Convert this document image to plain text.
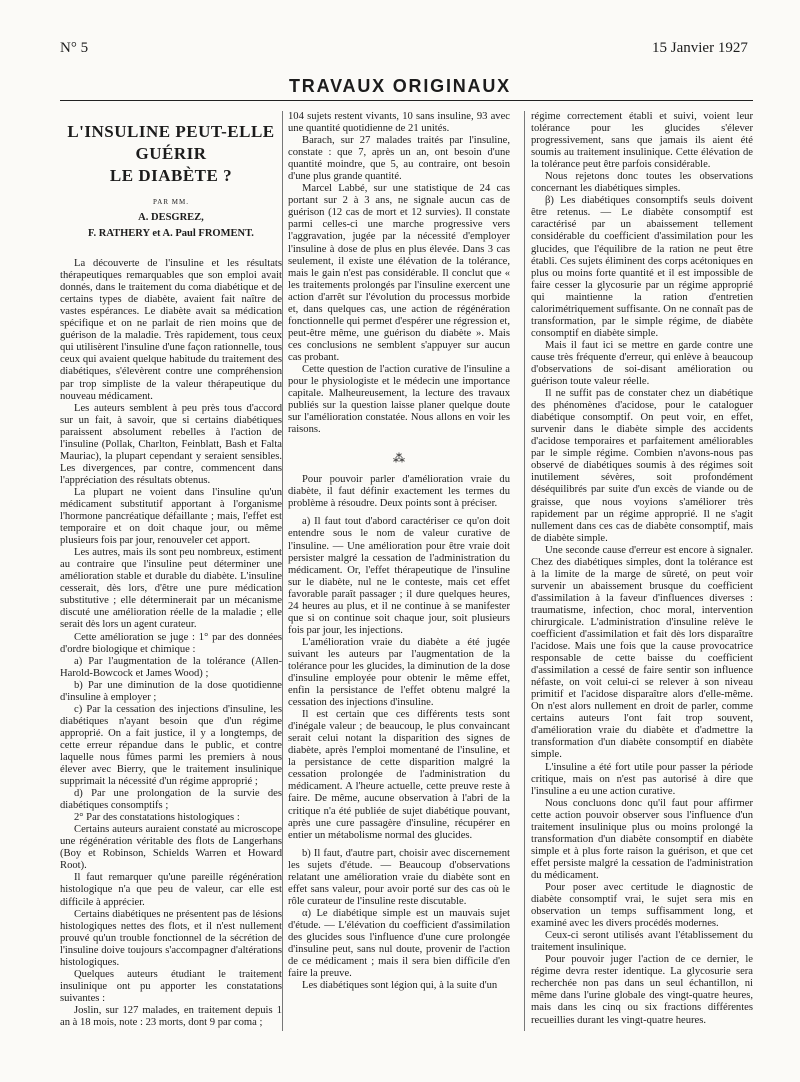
N° 5	15 Janvier 1927
TRAVAUX ORIGINAUX
L'INSULINE PEUT-ELLE GUÉRIR
LE DIABÈTE ?
PAR MM.
A. DESGREZ,
F. RATHERY et A. Paul FROMENT.

La découverte de l'insuline et les résultats thérapeutiques remarquables que son emploi avait donnés, dans le traitement du coma diabétique et de certains types de diabète, avaient fait naître de vastes espérances. Le diabète avait sa médication spécifique et on ne parlait de rien moins que de guérison de la maladie. Très rapidement, tous ceux qui utilisèrent l'insuline d'une façon rationnelle, tous ceux qui avaient quelque habitude du traitement des diabétiques, s'élevèrent contre une compréhension par trop simpliste de la valeur thérapeutique du nouveau médicament.

Les auteurs semblent à peu près tous d'accord sur un fait, à savoir, que si certains diabétiques paraissent absolument rebelles à l'action de l'insuline (Pollak, Charlton, Feinblatt, Bash et Falta Mauriac), la plupart cependant y seraient sensibles. Les divergences, par contre, commencent dans l'appréciation des résultats obtenus.

La plupart ne voient dans l'insuline qu'un médicament substitutif apportant à l'organisme l'hormone pancréatique défaillante ; mais, l'effet est temporaire et on doit chaque jour, ou même plusieurs fois par jour, renouveler cet apport.

Les autres, mais ils sont peu nombreux, estiment au contraire que l'insuline peut déterminer une amélioration stable et durable du diabète. L'insuline cesserait, dès lors, d'être une pure médication substitutive ; elle déterminerait par un mécanisme discuté une amélioration réelle de la maladie ; elle serait dès lors un agent curateur.

Cette amélioration se juge : 1° par des données d'ordre biologique et chimique :

a) Par l'augmentation de la tolérance (Allen-Harold-Bowcock et James Wood) ;

b) Par une diminution de la dose quotidienne d'insuline à employer ;

c) Par la cessation des injections d'insuline, les diabétiques n'ayant besoin que d'un régime approprié. On a fait justice, il y a longtemps, de cette erreur répandue dans le public, et contre laquelle nous fûmes parmi les premiers à nous élever avec Bierry, que le traitement insulinique supprimait la nécessité d'un régime approprié ;

d) Par une prolongation de la survie des diabétiques consomptifs ;

2° Par des constatations histologiques :

Certains auteurs auraient constaté au microscope une régénération véritable des flots de Langerhans (Boy et Robinson, Schields Warren et Howard Root).

Il faut remarquer qu'une pareille régénération histologique n'a que peu de valeur, car elle est difficile à apprécier.

Certains diabétiques ne présentent pas de lésions histologiques nettes des flots, et il n'est nullement prouvé qu'un trouble fonctionnel de la sécrétion de l'insuline doive toujours s'accompagner d'altérations histologiques.

Quelques auteurs étudiant le traitement insulinique ont pu apporter les constatations suivantes :

Joslin, sur 127 malades, en traitement depuis 1 an à 18 mois, note : 23 morts, dont 9 par coma ;

104 sujets restent vivants, 10 sans insuline, 93 avec une quantité quotidienne de 21 unités.

Barach, sur 27 malades traités par l'insuline, constate : que 7, après un an, ont besoin d'une quantité moindre, que 5, au contraire, ont besoin d'une plus grande quantité.

Marcel Labbé, sur une statistique de 24 cas portant sur 2 à 3 ans, ne signale aucun cas de guérison (12 cas de mort et 12 survies). Il constate parmi celles-ci une marche progressive vers l'aggravation, jugée par la nécessité d'employer l'insuline à dose de plus en plus élevée. Dans 3 cas seulement, il existe une élévation de la tolérance, mais le gain n'est pas considérable. Il conclut que « les traitements prolongés par l'insuline exercent une action d'arrêt sur l'évolution du processus morbide et, dans quelques cas, une action de régénération fonctionnelle qui permet d'espérer une régression et, peut-être même, une guérison du diabète ». Mais ces conclusions ne semblent s'appuyer sur aucun cas probant.

Cette question de l'action curative de l'insuline a pour le physiologiste et le médecin une importance capitale. Malheureusement, la lecture des travaux publiés sur la question laisse planer quelque doute sur l'amélioration constatée. Nous allons en voir les raisons.

⁂

Pour pouvoir parler d'amélioration vraie du diabète, il faut définir exactement les termes du problème à résoudre. Deux points sont à préciser.

a) Il faut tout d'abord caractériser ce qu'on doit entendre sous le nom de valeur curative de l'insuline. — Une amélioration pour être vraie doit persister malgré la cessation de l'administration du médicament. Or, l'effet thérapeutique de l'insuline sur le diabète, nul ne le conteste, mais cet effet favorable paraît passager ; il dure quelques heures, 24 heures au plus, et il ne continue à se manifester que si on continue soit chaque jour, soit plusieurs fois par jour, les injections.

L'amélioration vraie du diabète a été jugée suivant les auteurs par l'augmentation de la tolérance pour les glucides, la diminution de la dose d'insuline employée pour obtenir le même effet, enfin la persistance de l'effet obtenu malgré la cessation des injections d'insuline.

Il est certain que ces différents tests sont d'inégale valeur ; de beaucoup, le plus convaincant serait celui notant la disparition des signes de diabète, après l'emploi momentané de l'insuline, et la persistance de cette disparition malgré la cessation prolongée de l'administration du médicament. A l'heure actuelle, cette preuve reste à faire. De même, aucune observation à l'abri de la critique n'a été publiée de sujet diabétique pouvant, après une cure passagère d'insuline, récupérer en entier un métabolisme normal des glucides.

b) Il faut, d'autre part, choisir avec discernement les sujets d'étude. — Beaucoup d'observations relatant une amélioration vraie du diabète sont en effet sans valeur, pour avoir porté sur des cas où le rôle curateur de l'insuline reste discutable.

α) Le diabétique simple est un mauvais sujet d'étude. — L'élévation du coefficient d'assimilation des glucides sous l'influence d'une cure prolongée d'insuline peut, sans nul doute, provenir de l'action de ce médicament ; mais il sera bien difficile d'en faire la preuve.

Les diabétiques sont légion qui, à la suite d'un

régime correctement établi et suivi, voient leur tolérance pour les glucides s'élever progressivement, sans que jamais ils aient été soumis au traitement insulinique. Cette élévation de la tolérance peut être parfois considérable.

Nous rejetons donc toutes les observations concernant les diabétiques simples.

β) Les diabétiques consomptifs seuls doivent être retenus. — Le diabète consomptif est caractérisé par un abaissement tellement considérable du coefficient d'assimilation pour les glucides, que l'équilibre de la ration ne peut être établi. Ces sujets éliminent des corps acétoniques en plus ou moins forte quantité et il est impossible de faire cesser la glycosurie par un régime approprié qui maintienne la ration d'entretien calorimétriquement suffisante. On ne connaît pas de transformation, par le simple régime, de diabète consomptif en diabète simple.

Mais il faut ici se mettre en garde contre une cause très fréquente d'erreur, qui enlève à beaucoup d'observations de soi-disant amélioration ou guérison toute valeur réelle.

Il ne suffit pas de constater chez un diabétique des phénomènes d'acidose, pour le cataloguer diabétique consomptif. On peut voir, en effet, survenir dans le diabète simple des accidents d'acidose temporaires et parfaitement améliorables par le simple régime. Combien n'avons-nous pas observé de diabétiques soumis à des régimes soit inutilement sévères, soit profondément déséquilibrés par suite d'un excès de viande ou de graisse, que nous voyions s'améliorer très rapidement par un régime approprié. Il ne s'agit nullement dans ces cas de diabète consomptif, mais de diabète simple.

Une seconde cause d'erreur est encore à signaler. Chez des diabétiques simples, dont la tolérance est à la limite de la marge de sûreté, on peut voir survenir un abaissement brusque du coefficient d'assimilation à la faveur d'influences diverses : traumatisme, infection, choc moral, intervention chirurgicale. L'administration d'insuline relève le coefficient d'assimilation et fait dès lors disparaître l'acidose. Mais une fois que la cause provocatrice responsable de cette baisse du coefficient d'assimilation a cessé de faire sentir son influence néfaste, on voit celui-ci se relever à son niveau primitif et l'acidose disparaître alors d'elle-même. On n'est alors nullement en droit de parler, comme certains auteurs l'ont fait trop souvent, d'amélioration vraie du diabète et d'admettre la transformation d'un diabète consomptif en diabète simple.

L'insuline a été fort utile pour passer la période critique, mais on n'est pas autorisé à dire que l'insuline a eu une action curative.

Nous concluons donc qu'il faut pour affirmer cette action pouvoir observer sous l'influence d'un traitement insulinique plus ou moins prolongé la transformation d'un diabète consomptif en diabète simple et à plus forte raison la guérison, et que cet effet persiste malgré la cessation de l'administration du médicament.

Pour poser avec certitude le diagnostic de diabète consomptif vrai, le sujet sera mis en observation un temps suffisamment long, et examiné avec les divers procédés modernes.

Ceux-ci seront utilisés avant l'établissement du traitement insulinique.

Pour pouvoir juger l'action de ce dernier, le régime devra rester identique. La glycosurie sera recherchée non pas dans un seul échantillon, ni même dans l'urine globale des vingt-quatre heures, mais dans les cinq ou six fractions différentes recueillies durant les vingt-quatre heures.
